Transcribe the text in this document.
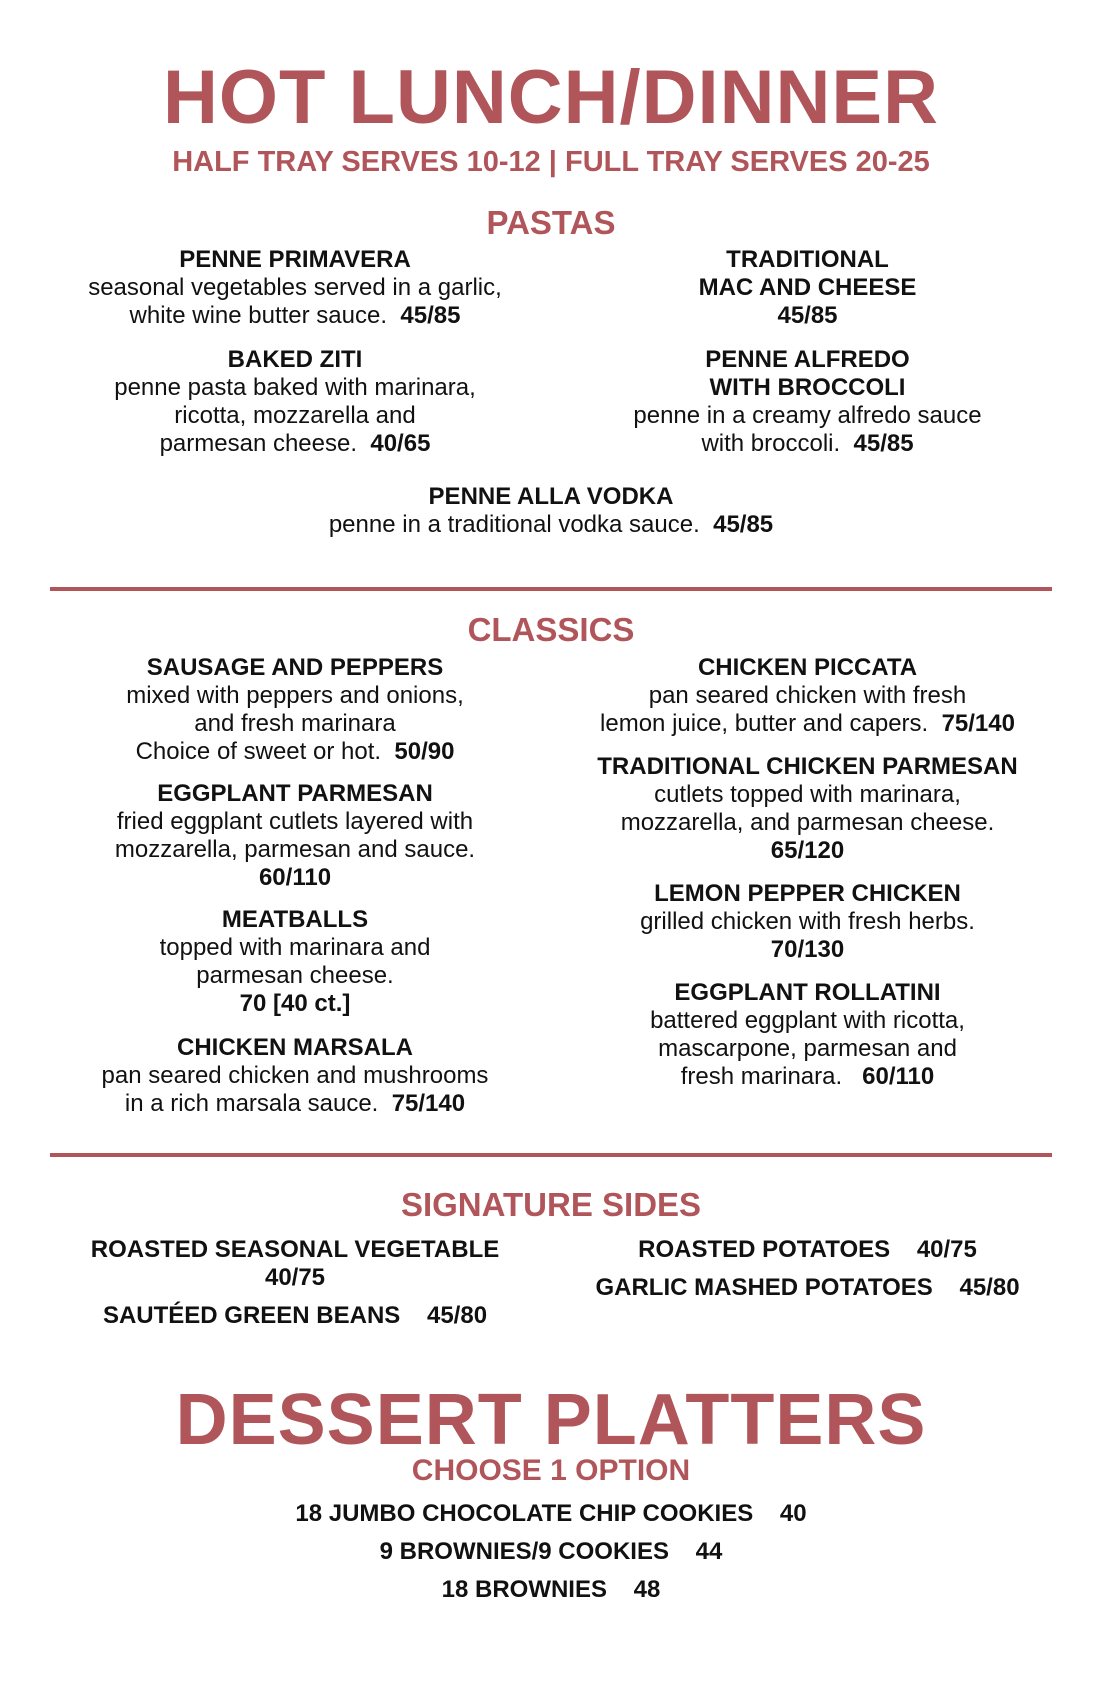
HOT LUNCH/DINNER
HALF TRAY SERVES 10-12 | FULL TRAY SERVES 20-25
PASTAS
PENNE PRIMAVERA
seasonal vegetables served in a garlic,
white wine butter sauce. 45/85
TRADITIONAL
MAC AND CHEESE
45/85
BAKED ZITI
penne pasta baked with marinara,
ricotta, mozzarella and
parmesan cheese. 40/65
PENNE ALFREDO
WITH BROCCOLI
penne in a creamy alfredo sauce
with broccoli. 45/85
PENNE ALLA VODKA
penne in a traditional vodka sauce. 45/85
CLASSICS
SAUSAGE AND PEPPERS
mixed with peppers and onions,
and fresh marinara
Choice of sweet or hot. 50/90
CHICKEN PICCATA
pan seared chicken with fresh
lemon juice, butter and capers. 75/140
EGGPLANT PARMESAN
fried eggplant cutlets layered with
mozzarella, parmesan and sauce.
60/110
TRADITIONAL CHICKEN PARMESAN
cutlets topped with marinara,
mozzarella, and parmesan cheese.
65/120
MEATBALLS
topped with marinara and
parmesan cheese.
70 [40 ct.]
LEMON PEPPER CHICKEN
grilled chicken with fresh herbs.
70/130
CHICKEN MARSALA
pan seared chicken and mushrooms
in a rich marsala sauce. 75/140
EGGPLANT ROLLATINI
battered eggplant with ricotta,
mascarpone, parmesan and
fresh marinara. 60/110
SIGNATURE SIDES
ROASTED SEASONAL VEGETABLE
40/75
SAUTÉED GREEN BEANS 45/80
ROASTED POTATOES 40/75
GARLIC MASHED POTATOES 45/80
DESSERT PLATTERS
CHOOSE 1 OPTION
18 JUMBO CHOCOLATE CHIP COOKIES 40
9 BROWNIES/9 COOKIES 44
18 BROWNIES 48
